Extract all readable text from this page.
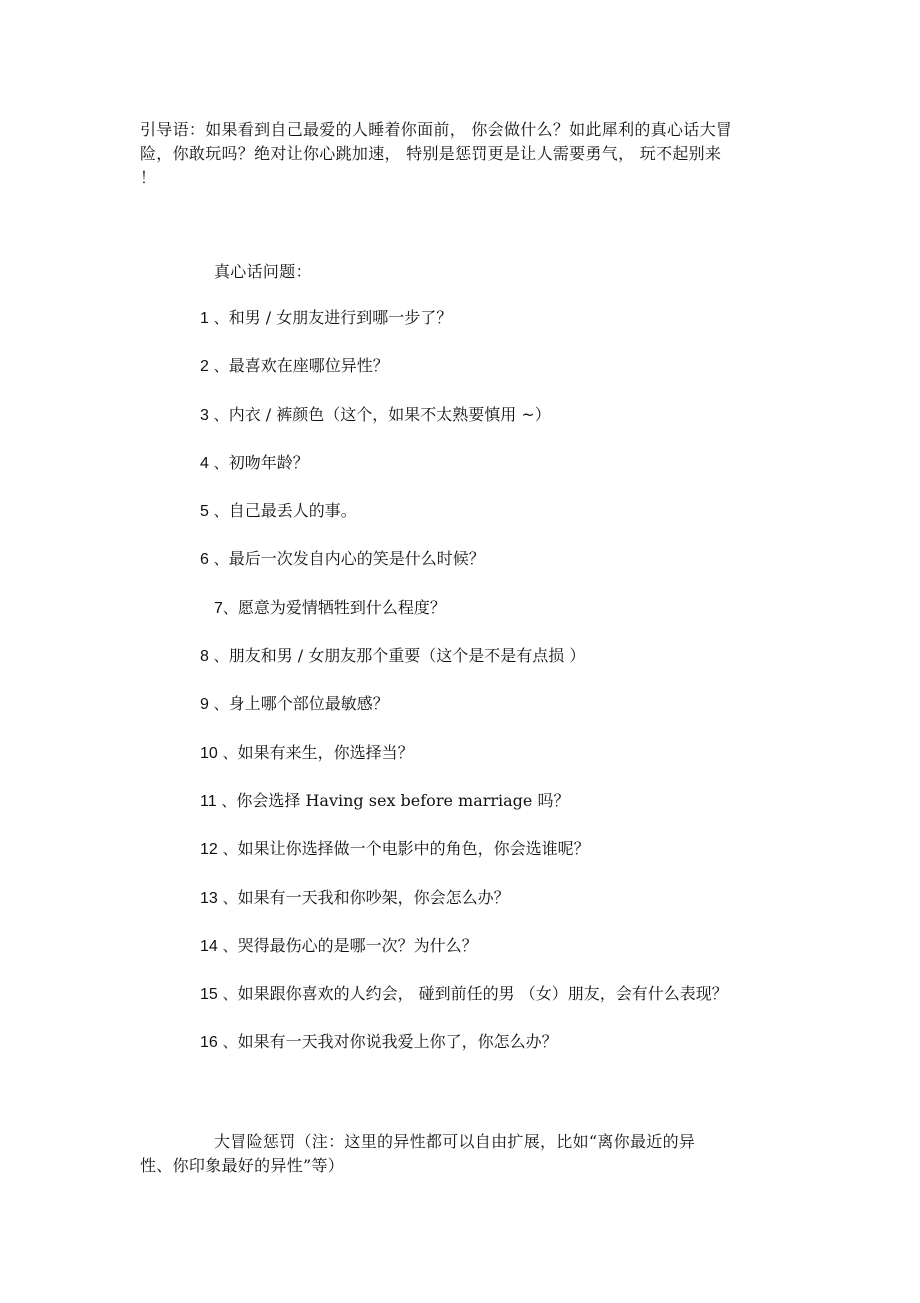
引导语：如果看到自己最爱的人睡着你面前， 你会做什么？如此犀利的真心话大冒
险，你敢玩吗？绝对让你心跳加速， 特别是惩罚更是让人需要勇气， 玩不起别来
！

真心话问题：

1 、和男 / 女朋友进行到哪一步了？
2 、最喜欢在座哪位异性？
3 、内衣 / 裤颜色（这个，如果不太熟要慎用 ~）
4 、初吻年龄？
5 、自己最丢人的事。
6 、最后一次发自内心的笑是什么时候？
7、愿意为爱情牺牲到什么程度？
8 、朋友和男 / 女朋友那个重要（这个是不是有点损 ）
9 、身上哪个部位最敏感？
10 、如果有来生，你选择当？
11 、你会选择 Having sex before marriage 吗？
12 、如果让你选择做一个电影中的角色，你会选谁呢？
13 、如果有一天我和你吵架，你会怎么办？
14 、哭得最伤心的是哪一次？为什么？
15 、如果跟你喜欢的人约会， 碰到前任的男 （女）朋友，会有什么表现？
16 、如果有一天我对你说我爱上你了，你怎么办？

大冒险惩罚（注：这里的异性都可以自由扩展，比如“离你最近的异
性、你印象最好的异性”等）
